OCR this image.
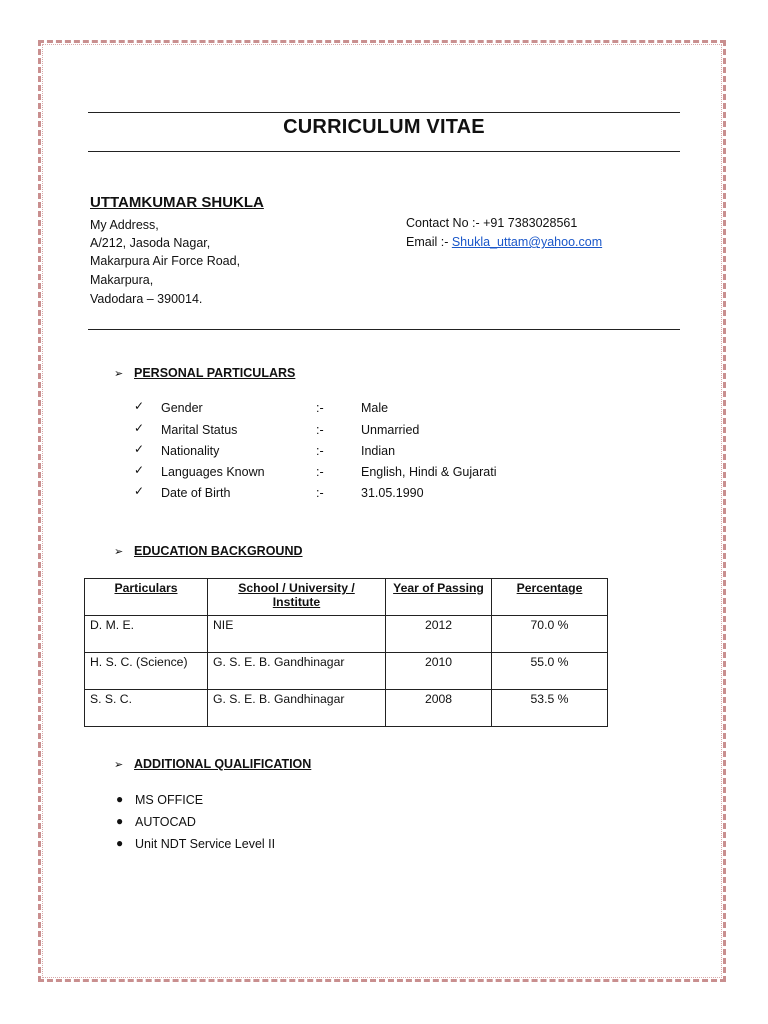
CURRICULUM VITAE
UTTAMKUMAR SHUKLA
My Address,
A/212, Jasoda Nagar,
Makarpura Air Force Road,
Makarpura,
Vadodara – 390014.
Contact No :- +91 7383028561
Email :- Shukla_uttam@yahoo.com
➢ PERSONAL PARTICULARS
✓ Gender	:-	Male
✓ Marital Status	:-	Unmarried
✓ Nationality	:-	Indian
✓ Languages Known	:-	English, Hindi & Gujarati
✓ Date of Birth	:-	31.05.1990
➢ EDUCATION BACKGROUND
Particulars	School / University / Institute	Year of Passing	Percentage
D. M. E.	NIE	2012	70.0 %
H. S. C. (Science)	G. S. E. B. Gandhinagar	2010	55.0 %
S. S. C.	G. S. E. B. Gandhinagar	2008	53.5 %
➢ ADDITIONAL QUALIFICATION
● MS OFFICE
● AUTOCAD
● Unit NDT Service Level II
